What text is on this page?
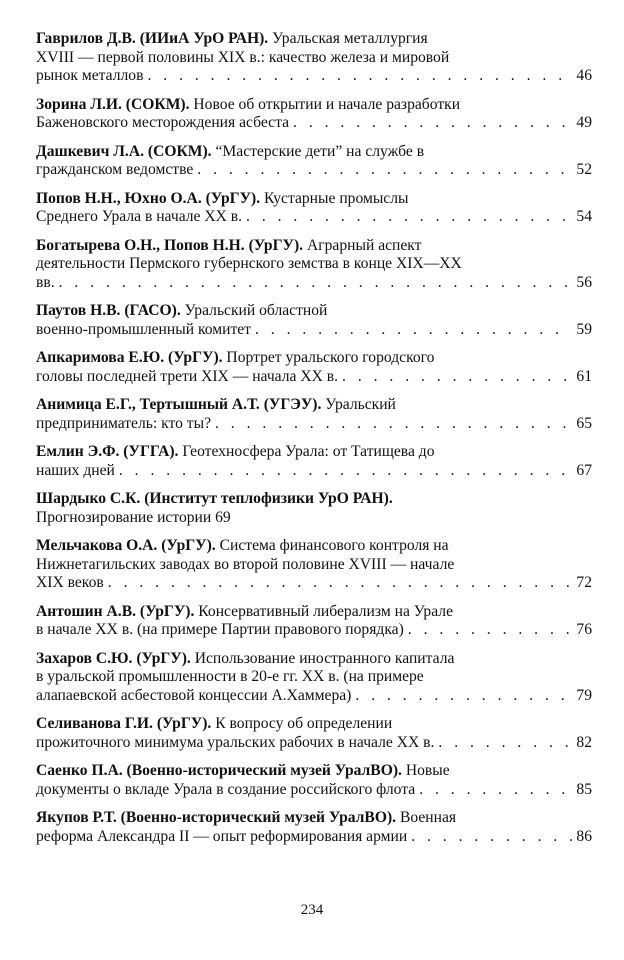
Гаврилов Д.В. (ИИиА УрО РАН). Уральская металлургия
XVIII — первой половины XIX в.: качество железа и мировой
рынок металлов . . .	46
Зорина Л.И. (СОКМ). Новое об открытии и начале разработки
Баженовского месторождения асбеста . . .	49
Дашкевич Л.А. (СОКМ). “Мастерские дети” на службе в
гражданском ведомстве . . .	52
Попов Н.Н., Юхно О.А. (УрГУ). Кустарные промыслы
Среднего Урала в начале XX в. . . .	54
Богатырева О.Н., Попов Н.Н. (УрГУ). Аграрный аспект
деятельности Пермского губернского земства в конце XIX—XX
вв. . . .	56
Паутов Н.В. (ГАСО). Уральский областной
военно-промышленный комитет . . .	59
Апкаримова Е.Ю. (УрГУ). Портрет уральского городского
головы последней трети XIX — начала XX в. . . .	61
Анимица Е.Г., Тертышный А.Т. (УГЭУ). Уральский
предприниматель: кто ты? . . .	65
Емлин Э.Ф. (УГГА). Геотехносфера Урала: от Татищева до
наших дней . . .	67
Шардыко С.К. (Институт теплофизики УрО РАН).
Прогнозирование истории 69
Мельчакова О.А. (УрГУ). Система финансового контроля на
Нижнетагильских заводах во второй половине XVIII — начале
XIX веков . . .	72
Антошин А.В. (УрГУ). Консервативный либерализм на Урале
в начале XX в. (на примере Партии правового порядка) . . .	76
Захаров С.Ю. (УрГУ). Использование иностранного капитала
в уральской промышленности в 20-е гг. XX в. (на примере
алапаевской асбестовой концессии А.Хаммера) . . .	79
Селиванова Г.И. (УрГУ). К вопросу об определении
прожиточного минимума уральских рабочих в начале XX в. . . .	82
Саенко П.А. (Военно-исторический музей УралВО). Новые
документы о вкладе Урала в создание российского флота . . .	85
Якупов Р.Т. (Военно-исторический музей УралВО). Военная
реформа Александра II — опыт реформирования армии . . .	86
234
